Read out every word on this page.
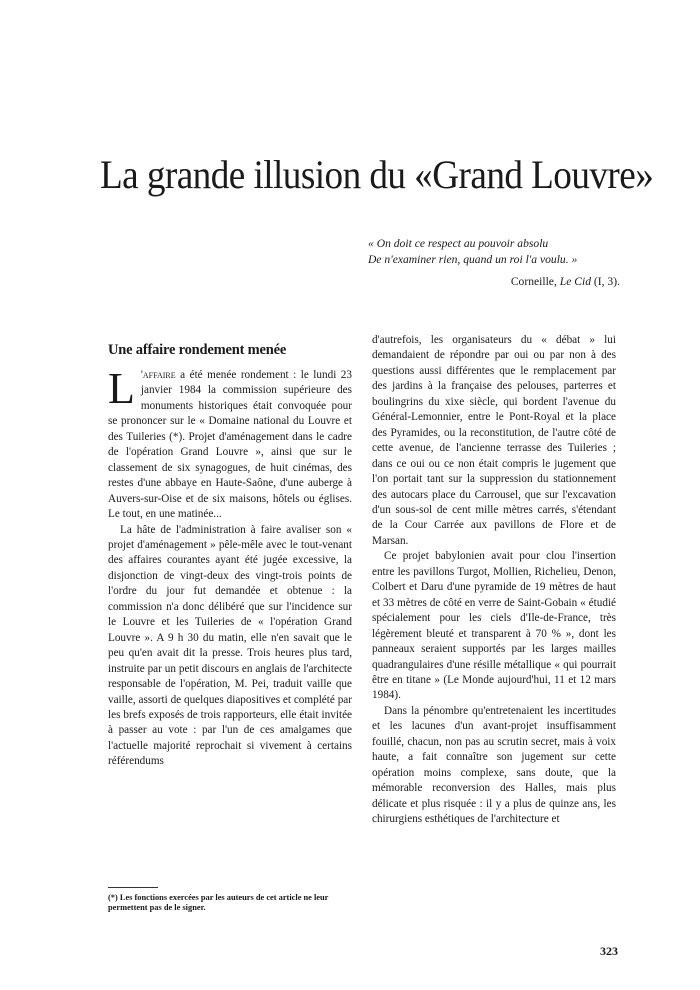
La grande illusion du «Grand Louvre»
« On doit ce respect au pouvoir absolu
De n'examiner rien, quand un roi l'a voulu. »
Corneille, Le Cid (I, 3).
Une affaire rondement menée

L 'affaire a été menée rondement : le lundi 23 janvier 1984 la commission supérieure des monuments historiques était convoquée pour se prononcer sur le « Domaine national du Louvre et des Tuileries (*). Projet d'aménagement dans le cadre de l'opération Grand Louvre », ainsi que sur le classement de six synagogues, de huit cinémas, des restes d'une abbaye en Haute-Saône, d'une auberge à Auvers-sur-Oise et de six maisons, hôtels ou églises. Le tout, en une matinée...

La hâte de l'administration à faire avaliser son « projet d'aménagement » pêle-mêle avec le tout-venant des affaires courantes ayant été jugée excessive, la disjonction de vingt-deux des vingt-trois points de l'ordre du jour fut demandée et obtenue : la commission n'a donc délibéré que sur l'incidence sur le Louvre et les Tuileries de « l'opération Grand Louvre ». A 9 h 30 du matin, elle n'en savait que le peu qu'en avait dit la presse. Trois heures plus tard, instruite par un petit discours en anglais de l'architecte responsable de l'opération, M. Pei, traduit vaille que vaille, assorti de quelques diapositives et complété par les brefs exposés de trois rapporteurs, elle était invitée à passer au vote : par l'un de ces amalgames que l'actuelle majorité reprochait si vivement à certains référendums

d'autrefois, les organisateurs du « débat » lui demandaient de répondre par oui ou par non à des questions aussi différentes que le remplacement par des jardins à la française des pelouses, parterres et boulingrins du xixe siècle, qui bordent l'avenue du Général-Lemonnier, entre le Pont-Royal et la place des Pyramides, ou la reconstitution, de l'autre côté de cette avenue, de l'ancienne terrasse des Tuileries ; dans ce oui ou ce non était compris le jugement que l'on portait tant sur la suppression du stationnement des autocars place du Carrousel, que sur l'excavation d'un sous-sol de cent mille mètres carrés, s'étendant de la Cour Carrée aux pavillons de Flore et de Marsan.

Ce projet babylonien avait pour clou l'insertion entre les pavillons Turgot, Mollien, Richelieu, Denon, Colbert et Daru d'une pyramide de 19 mètres de haut et 33 mètres de côté en verre de Saint-Gobain « étudié spécialement pour les ciels d'Ile-de-France, très légèrement bleuté et transparent à 70 % », dont les panneaux seraient supportés par les larges mailles quadrangulaires d'une résille métallique « qui pourrait être en titane » (Le Monde aujourd'hui, 11 et 12 mars 1984).

Dans la pénombre qu'entretenaient les incertitudes et les lacunes d'un avant-projet insuffisamment fouillé, chacun, non pas au scrutin secret, mais à voix haute, a fait connaître son jugement sur cette opération moins complexe, sans doute, que la mémorable reconversion des Halles, mais plus délicate et plus risquée : il y a plus de quinze ans, les chirurgiens esthétiques de l'architecture et

(*) Les fonctions exercées par les auteurs de cet article ne leur permettent pas de le signer.
323
